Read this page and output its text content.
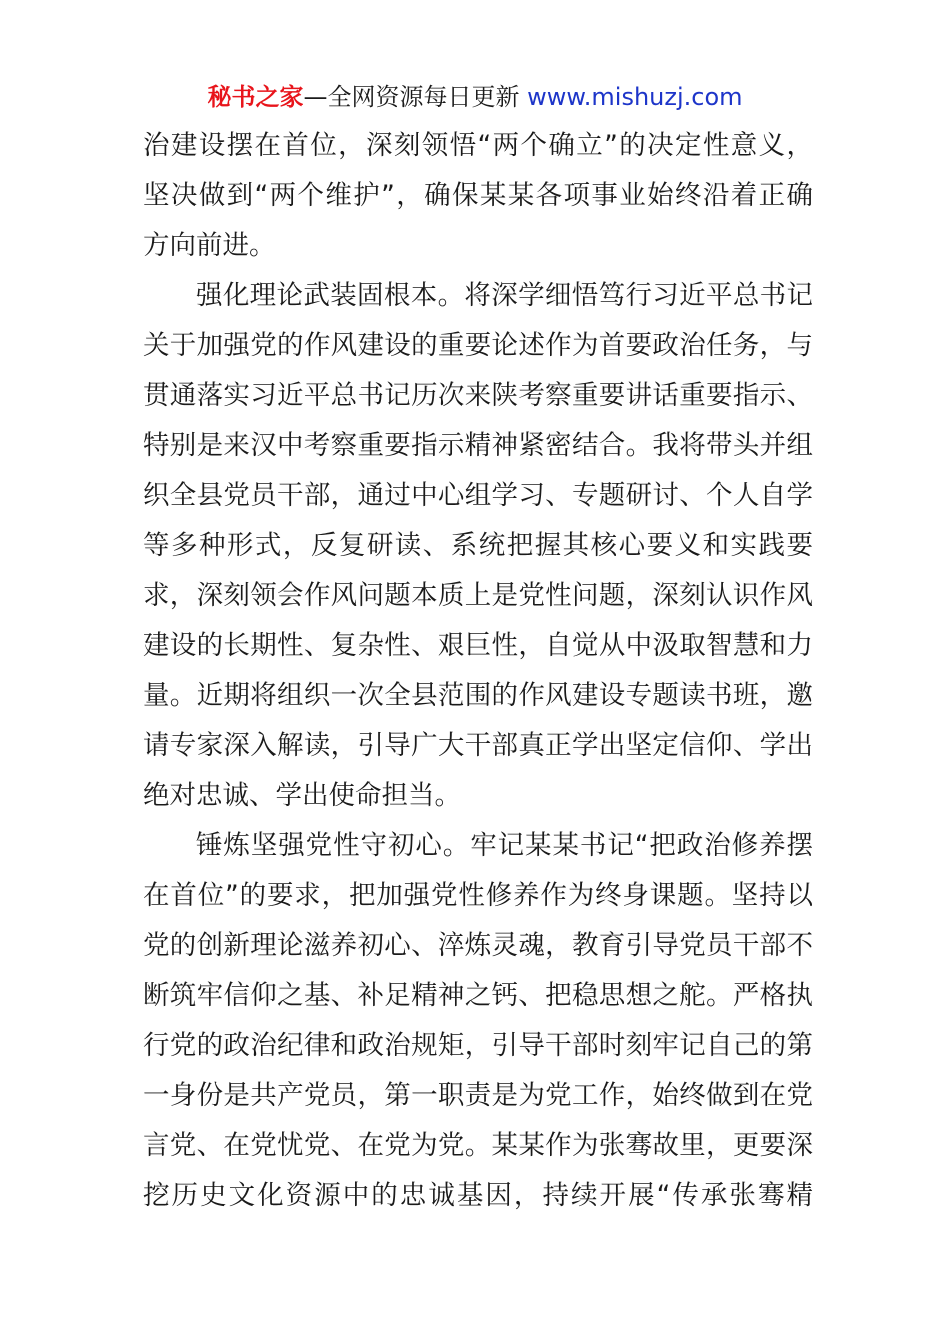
秘书之家—全网资源每日更新 www.mishuzj.com
治建设摆在首位，深刻领悟“两个确立”的决定性意义，
坚决做到“两个维护”，确保某某各项事业始终沿着正确
方向前进。
强化理论武装固根本。将深学细悟笃行习近平总书记
关于加强党的作风建设的重要论述作为首要政治任务，与
贯通落实习近平总书记历次来陕考察重要讲话重要指示、
特别是来汉中考察重要指示精神紧密结合。我将带头并组
织全县党员干部，通过中心组学习、专题研讨、个人自学
等多种形式，反复研读、系统把握其核心要义和实践要
求，深刻领会作风问题本质上是党性问题，深刻认识作风
建设的长期性、复杂性、艰巨性，自觉从中汲取智慧和力
量。近期将组织一次全县范围的作风建设专题读书班，邀
请专家深入解读，引导广大干部真正学出坚定信仰、学出
绝对忠诚、学出使命担当。
锤炼坚强党性守初心。牢记某某书记“把政治修养摆
在首位”的要求，把加强党性修养作为终身课题。坚持以
党的创新理论滋养初心、淬炼灵魂，教育引导党员干部不
断筑牢信仰之基、补足精神之钙、把稳思想之舵。严格执
行党的政治纪律和政治规矩，引导干部时刻牢记自己的第
一身份是共产党员，第一职责是为党工作，始终做到在党
言党、在党忧党、在党为党。某某作为张骞故里，更要深
挖历史文化资源中的忠诚基因，持续开展“传承张骞精
